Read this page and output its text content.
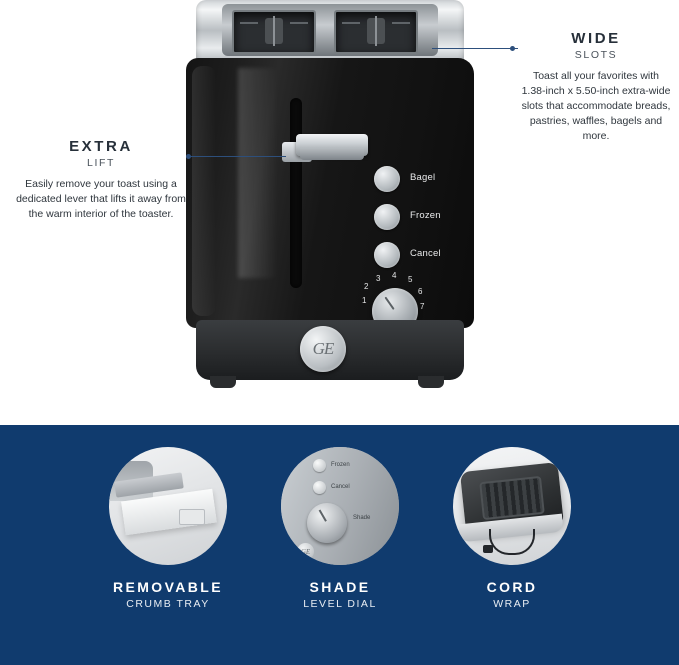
Bagel
Frozen
Cancel
1
2
3 4 5
6
7
GE
WIDE
SLOTS
Toast all your favorites with 1.38-inch x 5.50-inch extra-wide slots that accommodate breads, pastries, waffles, bagels and more.
EXTRA
LIFT
Easily remove your toast using a dedicated lever that lifts it away from the warm interior of the toaster.
REMOVABLE
CRUMB TRAY
Frozen
Cancel
Shade
GE
SHADE
LEVEL DIAL
CORD
WRAP
